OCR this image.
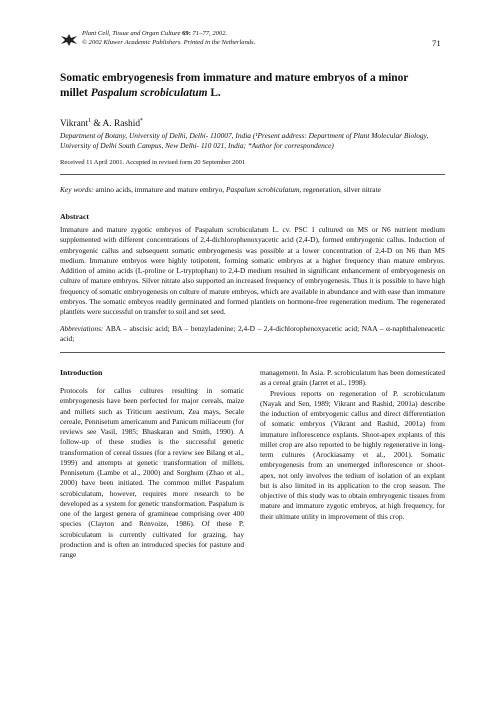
Plant Cell, Tissue and Organ Culture 69: 71–77, 2002.
© 2002 Kluwer Academic Publishers. Printed in the Netherlands.	71
Somatic embryogenesis from immature and mature embryos of a minor
millet Paspalum scrobiculatum L.
Vikrant$^1$ & A. Rashid*
Department of Botany, University of Delhi, Delhi- 110007, India (¹Present address: Department of Plant Molecular Biology, University of Delhi South Campus, New Delhi- 110 021, India; *Author for correspondence)
Received 11 April 2001. Accepted in revised form 20 September 2001
Key words: amino acids, immature and mature embryo, Paspalum scrobiculatum, regeneration, silver nitrate
Abstract
Immature and mature zygotic embryos of Paspalum scrobiculatum L. cv. PSC 1 cultured on MS or N6 nutrient medium supplemented with different concentrations of 2,4-dichlorophenoxyacetic acid (2,4-D), formed embryogenic callus. Induction of embryogenic callus and subsequent somatic embryogenesis was possible at a lower concentration of 2,4-D on N6 than MS medium. Immature embryos were highly totipotent, forming somatic embryos at a higher frequency than mature embryos. Addition of amino acids (L-proline or L-tryptophan) to 2,4-D medium resulted in significant enhancement of embryogenesis on culture of mature embryos. Silver nitrate also supported an increased frequency of embryogenesis. Thus it is possible to have high frequency of somatic embryogenesis on culture of mature embryos, which are available in abundance and with ease than immature embryos. The somatic embryos readily germinated and formed plantlets on hormone-free regeneration medium. The regenerated plantlets were successful on transfer to soil and set seed.
Abbreviations: ABA – abscisic acid; BA – benzyladenine; 2,4-D – 2,4-dichlorophenoxyacetic acid; NAA – α-naphthaleneacetic acid;
Introduction

Protocols for callus cultures resulting in somatic embryogenesis have been perfected for major cereals, maize and millets such as Triticum aestivum, Zea mays, Secale cereale, Pennisetum americanum and Panicum miliaceum (for reviews see Vasil, 1985; Bhaskaran and Smith, 1990). A follow-up of these studies is the successful genetic transformation of cereal tissues (for a review see Bilang et al., 1999) and attempts at genetic transformation of millets, Pennisetum (Lambe et al., 2000) and Sorghum (Zhao et al., 2000) have been initiated. The common millet Paspalum scrobiculatum, however, requires more research to be developed as a system for genetic transformation. Paspalum is one of the largest genera of gramineae comprising over 400 species (Clayton and Renvoize, 1986). Of these P. scrobiculatum is currently cultivated for grazing, hay production and is often an introduced species for pasture and range

management. In Asia. P. scrobiculatum has been domesticated as a cereal grain (Jarret et al., 1998).

Previous reports on regeneration of P. scrobiculatum (Nayak and Sen, 1989; Vikrant and Rashid, 2001a) describe the induction of embryogenic callus and direct differentiation of somatic embryos (Vikrant and Rashid, 2001a) from immature inflorescence explants. Shoot-apex explants of this millet crop are also reported to be highly regenerative in long-term cultures (Arockiasamy et al., 2001). Somatic embryogenesis from an unemerged inflorescence or shoot-apex, not only involves the tedium of isolation of an explant but is also limited in its application to the crop season. The objective of this study was to obtain embryogenic tissues from mature and immature zygotic embryos, at high frequency, for their ultimate utility in improvement of this crop.
